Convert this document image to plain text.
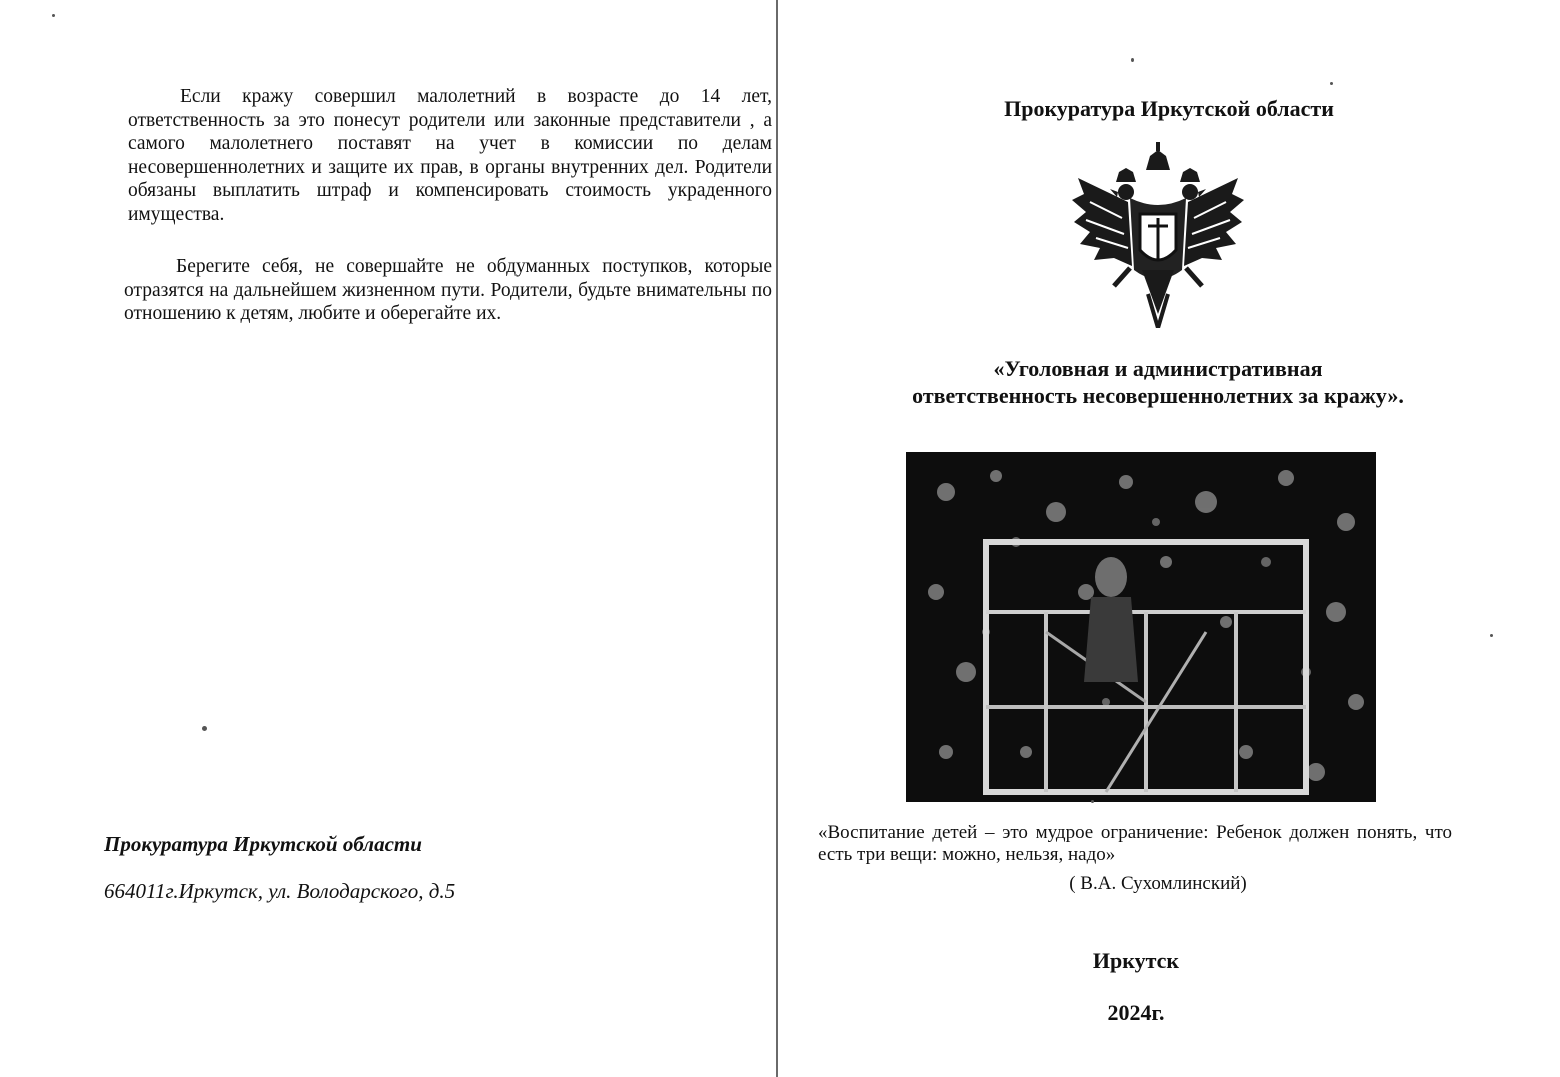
Если кражу совершил малолетний в возрасте до 14 лет, ответственность за это понесут родители или законные представители , а самого малолетнего поставят на учет в комиссии по делам несовершеннолетних и защите их прав, в органы внутренних дел. Родители обязаны выплатить штраф и компенсировать стоимость украденного имущества.

Берегите себя, не совершайте не обдуманных поступков, которые отразятся на дальнейшем жизненном пути. Родители, будьте внимательны по отношению к детям, любите и оберегайте их.

Прокуратура Иркутской области

664011г.Иркутск, ул. Володарского, д.5

Прокуратура Иркутской области

«Уголовная и административная
ответственность несовершеннолетних за кражу».

«Воспитание детей – это мудрое ограничение: Ребенок должен понять, что есть три вещи: можно, нельзя, надо»

( В.А. Сухомлинский)

Иркутск

2024г.
